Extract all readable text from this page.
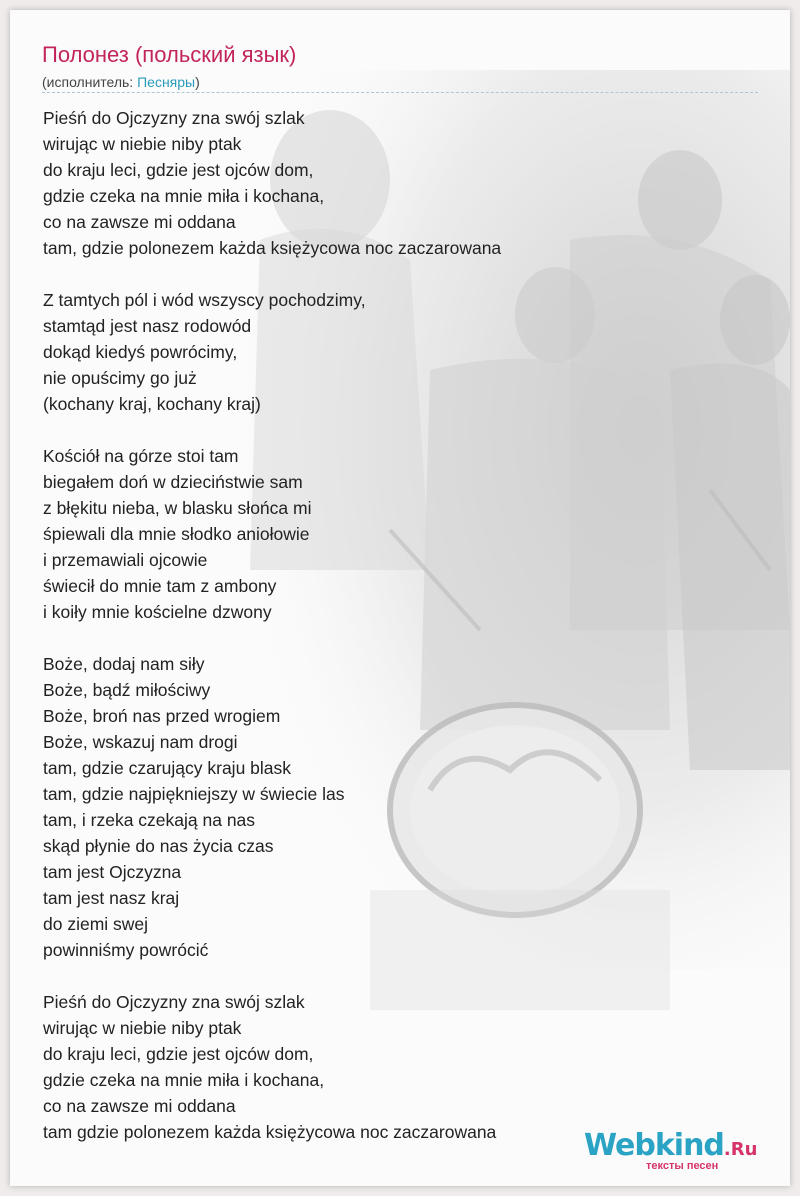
Полонез (польский язык)
(исполнитель: Песняры)
Pieśń do Ojczyzny zna swój szlak
wirując w niebie niby ptak
do kraju leci, gdzie jest ojców dom,
gdzie czeka na mnie miła i kochana,
co na zawsze mi oddana
tam, gdzie polonezem każda księżycowa noc zaczarowana
Z tamtych pól i wód wszyscy pochodzimy,
stamtąd jest nasz rodowód
dokąd kiedyś powrócimy,
nie opuścimy go już
(kochany kraj, kochany kraj)
Kościół na górze stoi tam
biegałem doń w dzieciństwie sam
z błękitu nieba, w blasku słońca mi
śpiewali dla mnie słodko aniołowie
i przemawiali ojcowie
świecił do mnie tam z ambony
i koiły mnie kościelne dzwony
Boże, dodaj nam siły
Boże, bądź miłościwy
Boże, broń nas przed wrogiem
Boże, wskazuj nam drogi
tam, gdzie czarujący kraju blask
tam, gdzie najpiękniejszy w świecie las
tam, i rzeka czekają na nas
skąd płynie do nas życia czas
tam jest Ojczyzna
tam jest nasz kraj
do ziemi swej
powinniśmy powrócić
Pieśń do Ojczyzny zna swój szlak
wirując w niebie niby ptak
do kraju leci, gdzie jest ojców dom,
gdzie czeka na mnie miła i kochana,
co na zawsze mi oddana
tam gdzie polonezem każda księżycowa noc zaczarowana	Webkind.Ru
тексты песен
